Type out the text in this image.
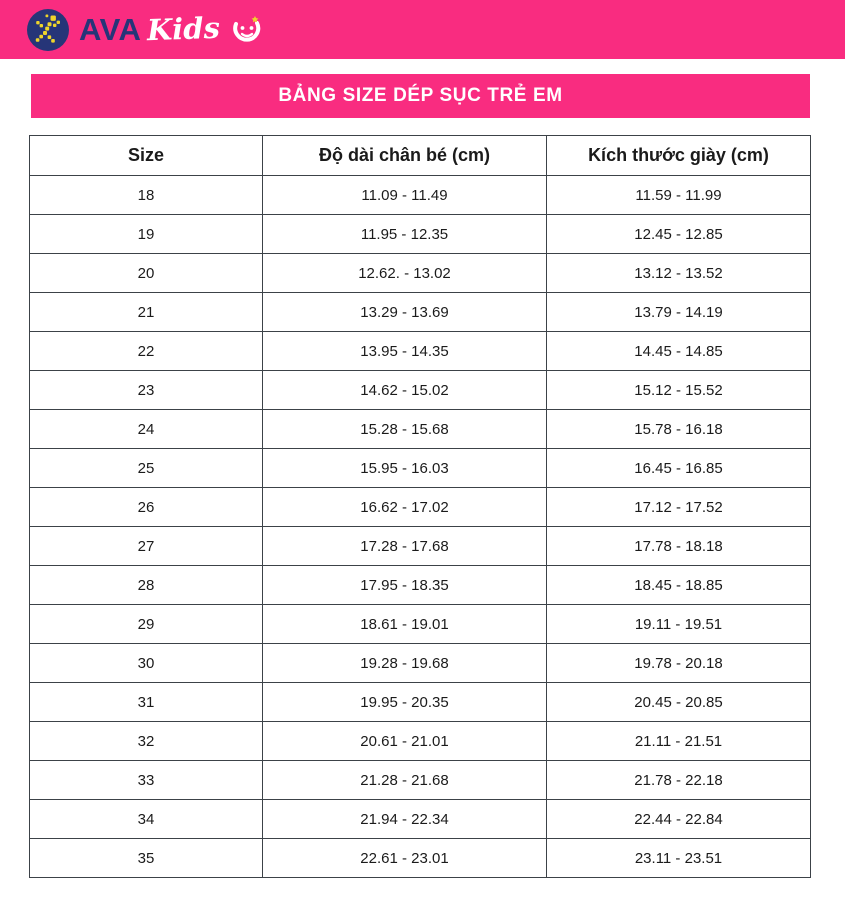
AVA Kids
BẢNG SIZE DÉP SỤC TRẺ EM
Size	Độ dài chân bé (cm)	Kích thước giày (cm)
18	11.09 - 11.49	11.59 - 11.99
19	11.95 - 12.35	12.45 - 12.85
20	12.62. - 13.02	13.12 - 13.52
21	13.29 - 13.69	13.79 - 14.19
22	13.95 - 14.35	14.45 - 14.85
23	14.62 - 15.02	15.12 - 15.52
24	15.28 - 15.68	15.78 - 16.18
25	15.95 - 16.03	16.45 - 16.85
26	16.62 - 17.02	17.12 - 17.52
27	17.28 - 17.68	17.78 - 18.18
28	17.95 - 18.35	18.45 - 18.85
29	18.61 - 19.01	19.11 - 19.51
30	19.28 - 19.68	19.78 - 20.18
31	19.95 - 20.35	20.45 - 20.85
32	20.61 - 21.01	21.11 - 21.51
33	21.28 - 21.68	21.78 - 22.18
34	21.94 - 22.34	22.44 - 22.84
35	22.61 - 23.01	23.11 - 23.51
